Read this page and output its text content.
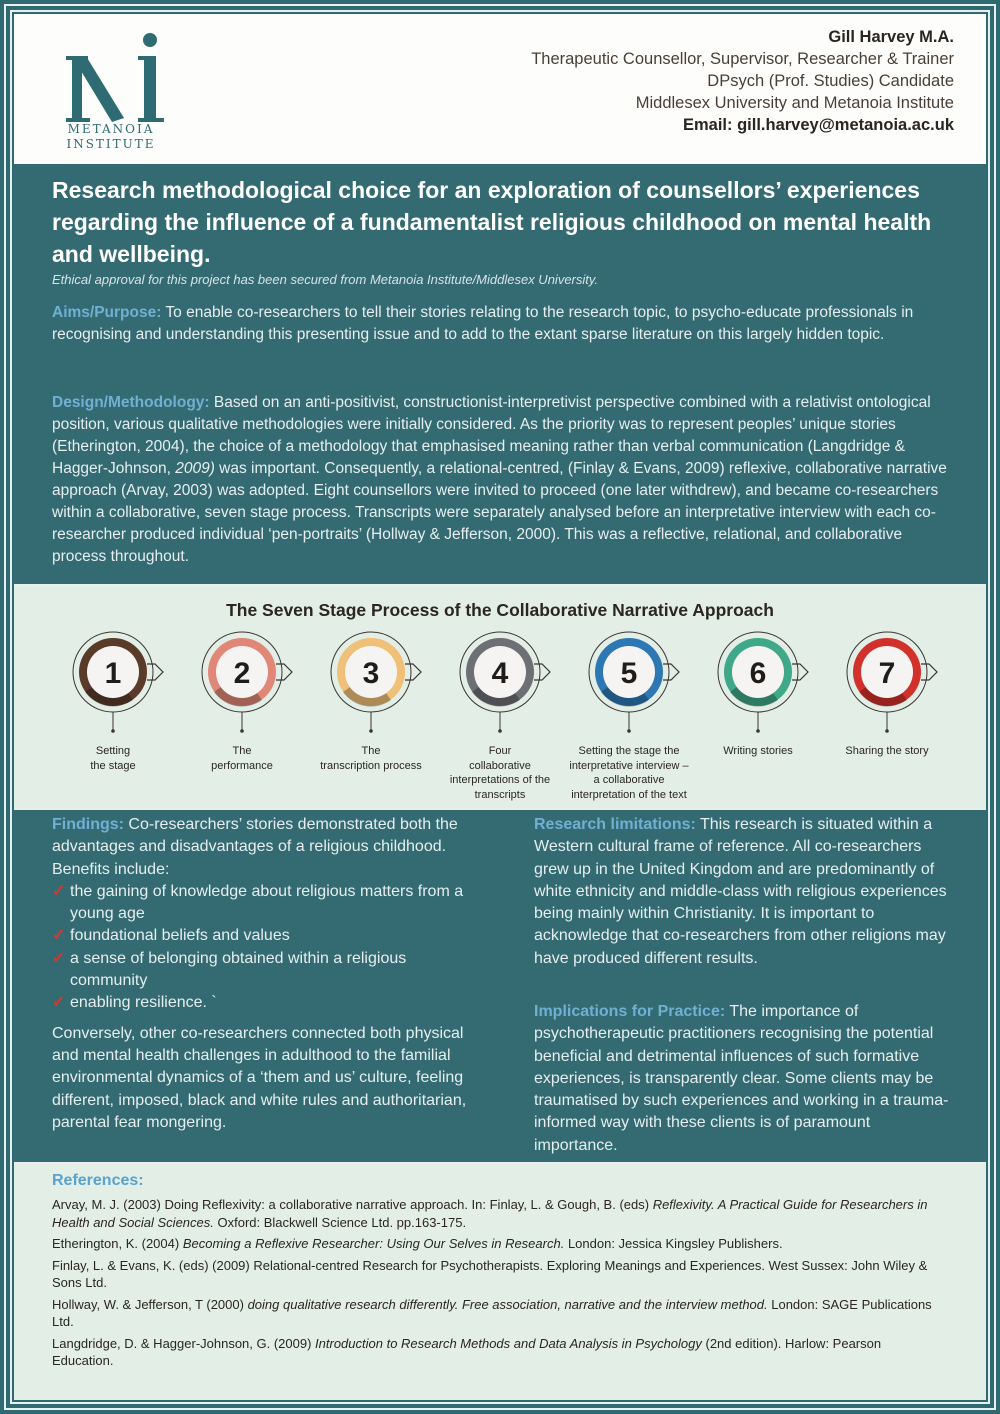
METANOIA
INSTITUTE
Gill Harvey M.A.
Therapeutic Counsellor, Supervisor, Researcher & Trainer
DPsych (Prof. Studies) Candidate
Middlesex University and Metanoia Institute
Email: gill.harvey@metanoia.ac.uk
Research methodological choice for an exploration of counsellors’ experiences regarding the influence of a fundamentalist religious childhood on mental health and wellbeing.
Ethical approval for this project has been secured from Metanoia Institute/Middlesex University.
Aims/Purpose: To enable co-researchers to tell their stories relating to the research topic, to psycho-educate professionals in recognising and understanding this presenting issue and to add to the extant sparse literature on this largely hidden topic.
Design/Methodology: Based on an anti-positivist, constructionist-interpretivist perspective combined with a relativist ontological position, various qualitative methodologies were initially considered. As the priority was to represent peoples’ unique stories (Etherington, 2004), the choice of a methodology that emphasised meaning rather than verbal communication (Langdridge & Hagger-Johnson, 2009) was important. Consequently, a relational-centred, (Finlay & Evans, 2009) reflexive, collaborative narrative approach (Arvay, 2003) was adopted. Eight counsellors were invited to proceed (one later withdrew), and became co-researchers within a collaborative, seven stage process. Transcripts were separately analysed before an interpretative interview with each co-researcher produced individual ‘pen-portraits’ (Hollway & Jefferson, 2000). This was a reflective, relational, and collaborative process throughout.
The Seven Stage Process of the Collaborative Narrative Approach
1
Setting
the stage
2
The
performance
3
The
transcription process
4
Four
collaborative
interpretations of the
transcripts
5
Setting the stage the
interpretative interview –
a collaborative
interpretation of the text
6
Writing stories
7
Sharing the story
Findings: Co-researchers’ stories demonstrated both the advantages and disadvantages of a religious childhood. Benefits include:
✓ the gaining of knowledge about religious matters from a young age
✓ foundational beliefs and values
✓ a sense of belonging obtained within a religious community
✓ enabling resilience. `
Conversely, other co-researchers connected both physical and mental health challenges in adulthood to the familial environmental dynamics of a ‘them and us’ culture, feeling different, imposed, black and white rules and authoritarian, parental fear mongering.
Research limitations: This research is situated within a Western cultural frame of reference. All co-researchers grew up in the United Kingdom and are predominantly of white ethnicity and middle-class with religious experiences being mainly within Christianity. It is important to acknowledge that co-researchers from other religions may have produced different results.
Implications for Practice: The importance of psychotherapeutic practitioners recognising the potential beneficial and detrimental influences of such formative experiences, is transparently clear. Some clients may be traumatised by such experiences and working in a trauma-informed way with these clients is of paramount importance.
References:

Arvay, M. J. (2003) Doing Reflexivity: a collaborative narrative approach. In: Finlay, L. & Gough, B. (eds) Reflexivity. A Practical Guide for Researchers in Health and Social Sciences. Oxford: Blackwell Science Ltd. pp.163-175.

Etherington, K. (2004) Becoming a Reflexive Researcher: Using Our Selves in Research. London: Jessica Kingsley Publishers.

Finlay, L. & Evans, K. (eds) (2009) Relational-centred Research for Psychotherapists. Exploring Meanings and Experiences. West Sussex: John Wiley & Sons Ltd.

Hollway, W. & Jefferson, T (2000) doing qualitative research differently. Free association, narrative and the interview method. London: SAGE Publications Ltd.

Langdridge, D. & Hagger-Johnson, G. (2009) Introduction to Research Methods and Data Analysis in Psychology (2nd edition). Harlow: Pearson Education.
